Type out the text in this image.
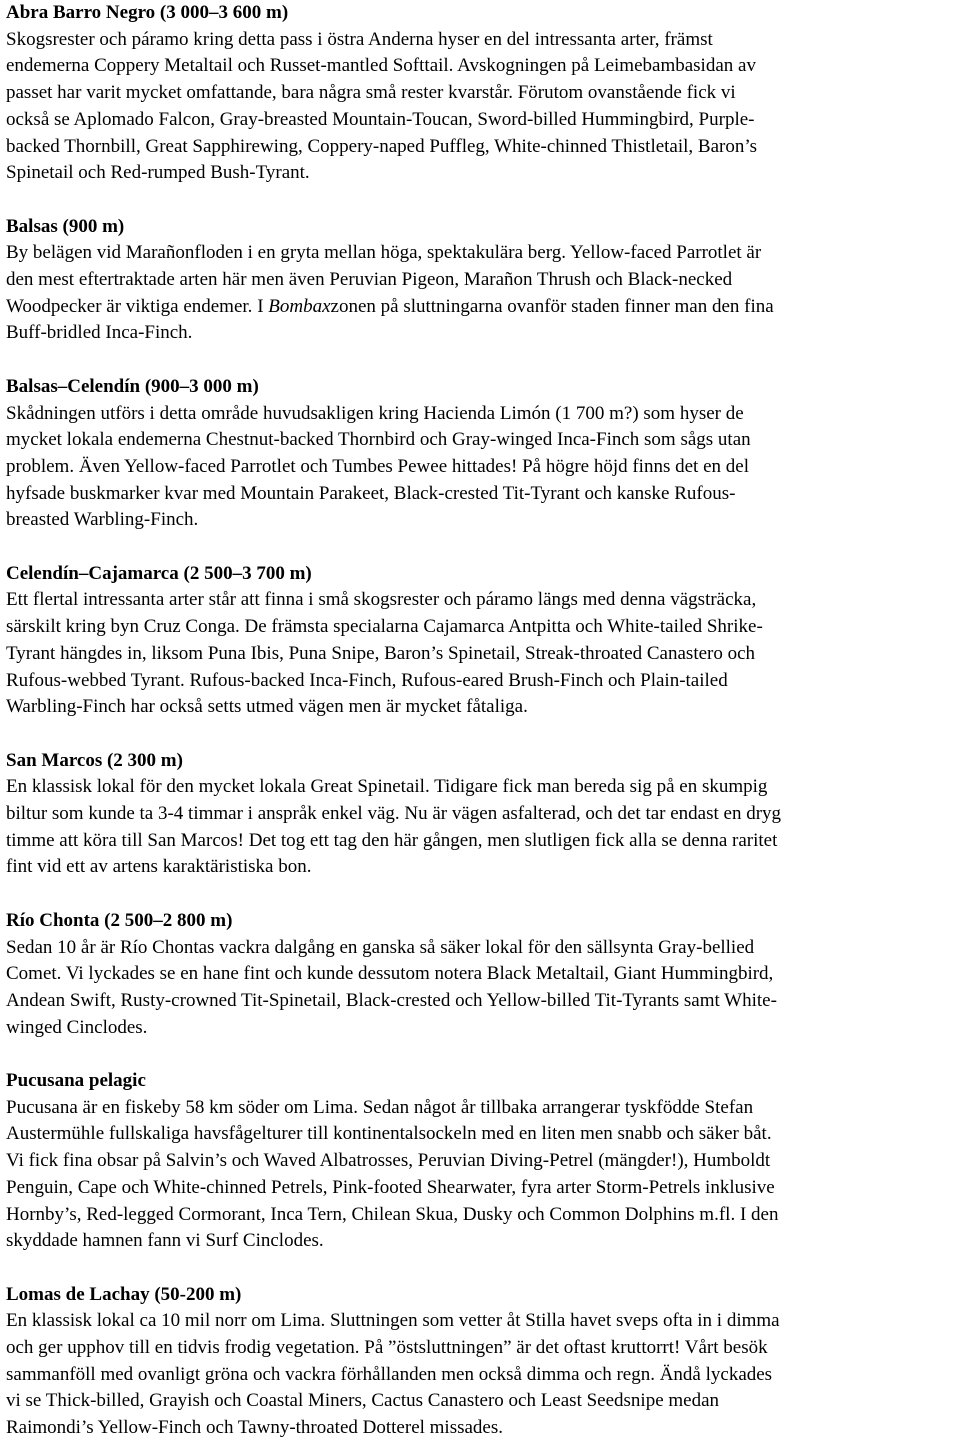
Abra Barro Negro (3 000–3 600 m)

Skogsrester och páramo kring detta pass i östra Anderna hyser en del intressanta arter, främst
endemerna Coppery Metaltail och Russet-mantled Softtail. Avskogningen på Leimebambasidan av
passet har varit mycket omfattande, bara några små rester kvarstår. Förutom ovanstående fick vi
också se Aplomado Falcon, Gray-breasted Mountain-Toucan, Sword-billed Hummingbird, Purple-
backed Thornbill, Great Sapphirewing, Coppery-naped Puffleg, White-chinned Thistletail, Baron’s
Spinetail och Red-rumped Bush-Tyrant.

Balsas (900 m)

By belägen vid Marañonfloden i en gryta mellan höga, spektakulära berg. Yellow-faced Parrotlet är
den mest eftertraktade arten här men även Peruvian Pigeon, Marañon Thrush och Black-necked
Woodpecker är viktiga endemer. I Bombaxzonen på sluttningarna ovanför staden finner man den fina
Buff-bridled Inca-Finch.

Balsas–Celendín (900–3 000 m)

Skådningen utförs i detta område huvudsakligen kring Hacienda Limón (1 700 m?) som hyser de
mycket lokala endemerna Chestnut-backed Thornbird och Gray-winged Inca-Finch som sågs utan
problem. Även Yellow-faced Parrotlet och Tumbes Pewee hittades! På högre höjd finns det en del
hyfsade buskmarker kvar med Mountain Parakeet, Black-crested Tit-Tyrant och kanske Rufous-
breasted Warbling-Finch.

Celendín–Cajamarca (2 500–3 700 m)

Ett flertal intressanta arter står att finna i små skogsrester och páramo längs med denna vägsträcka,
särskilt kring byn Cruz Conga. De främsta specialarna Cajamarca Antpitta och White-tailed Shrike-
Tyrant hängdes in, liksom Puna Ibis, Puna Snipe, Baron’s Spinetail, Streak-throated Canastero och
Rufous-webbed Tyrant. Rufous-backed Inca-Finch, Rufous-eared Brush-Finch och Plain-tailed
Warbling-Finch har också setts utmed vägen men är mycket fåtaliga.

San Marcos (2 300 m)

En klassisk lokal för den mycket lokala Great Spinetail. Tidigare fick man bereda sig på en skumpig
biltur som kunde ta 3-4 timmar i anspråk enkel väg. Nu är vägen asfalterad, och det tar endast en dryg
timme att köra till San Marcos! Det tog ett tag den här gången, men slutligen fick alla se denna raritet
fint vid ett av artens karaktäristiska bon.

Río Chonta (2 500–2 800 m)

Sedan 10 år är Río Chontas vackra dalgång en ganska så säker lokal för den sällsynta Gray-bellied
Comet. Vi lyckades se en hane fint och kunde dessutom notera Black Metaltail, Giant Hummingbird,
Andean Swift, Rusty-crowned Tit-Spinetail, Black-crested och Yellow-billed Tit-Tyrants samt White-
winged Cinclodes.

Pucusana pelagic

Pucusana är en fiskeby 58 km söder om Lima. Sedan något år tillbaka arrangerar tyskfödde Stefan
Austermühle fullskaliga havsfågelturer till kontinentalsockeln med en liten men snabb och säker båt.
Vi fick fina obsar på Salvin’s och Waved Albatrosses, Peruvian Diving-Petrel (mängder!), Humboldt
Penguin, Cape och White-chinned Petrels, Pink-footed Shearwater, fyra arter Storm-Petrels inklusive
Hornby’s, Red-legged Cormorant, Inca Tern, Chilean Skua, Dusky och Common Dolphins m.fl. I den
skyddade hamnen fann vi Surf Cinclodes.

Lomas de Lachay (50-200 m)

En klassisk lokal ca 10 mil norr om Lima. Sluttningen som vetter åt Stilla havet sveps ofta in i dimma
och ger upphov till en tidvis frodig vegetation. På ”östsluttningen” är det oftast kruttorrt! Vårt besök
sammanföll med ovanligt gröna och vackra förhållanden men också dimma och regn. Ändå lyckades
vi se Thick-billed, Grayish och Coastal Miners, Cactus Canastero och Least Seedsnipe medan
Raimondi’s Yellow-Finch och Tawny-throated Dotterel missades.
